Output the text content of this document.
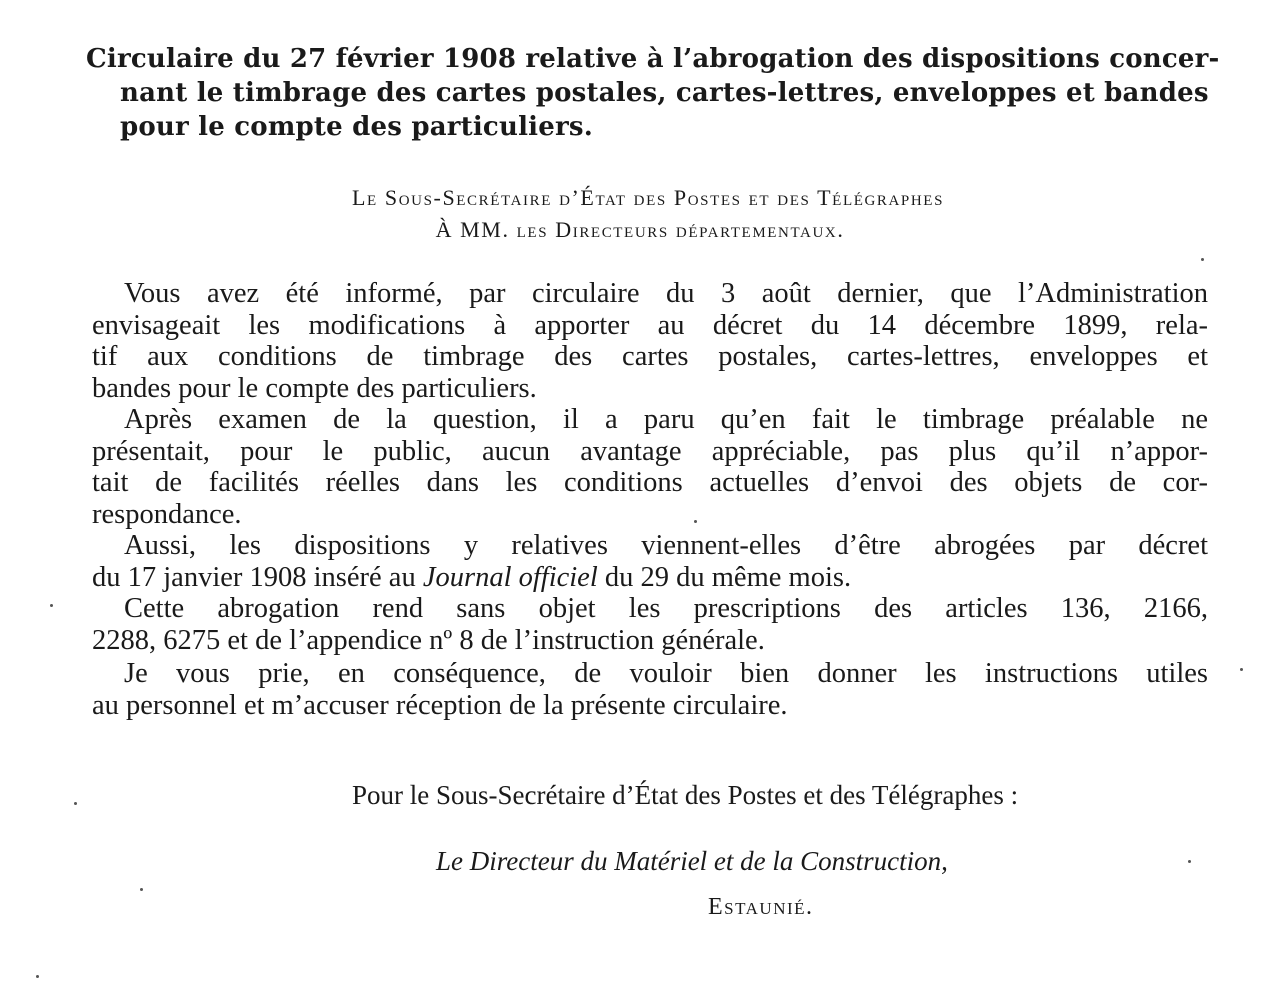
Circulaire du 27 février 1908 relative à l’abrogation des dispositions concer-
nant le timbrage des cartes postales, cartes-lettres, enveloppes et bandes
pour le compte des particuliers.
Le Sous-Secrétaire d’État des Postes et des Télégraphes
À MM. les Directeurs départementaux.

Vous avez été informé, par circulaire du 3 août dernier, que l’Administration
envisageait les modifications à apporter au décret du 14 décembre 1899, rela-
tif aux conditions de timbrage des cartes postales, cartes-lettres, enveloppes et
bandes pour le compte des particuliers.

Après examen de la question, il a paru qu’en fait le timbrage préalable ne
présentait, pour le public, aucun avantage appréciable, pas plus qu’il n’appor-
tait de facilités réelles dans les conditions actuelles d’envoi des objets de cor-
respondance.

Aussi, les dispositions y relatives viennent-elles d’être abrogées par décret
du 17 janvier 1908 inséré au Journal officiel du 29 du même mois.

Cette abrogation rend sans objet les prescriptions des articles 136, 2166,
2288, 6275 et de l’appendice nº 8 de l’instruction générale.

Je vous prie, en conséquence, de vouloir bien donner les instructions utiles
au personnel et m’accuser réception de la présente circulaire.

Pour le Sous-Secrétaire d’État des Postes et des Télégraphes :
Le Directeur du Matériel et de la Construction,
Estaunié.
